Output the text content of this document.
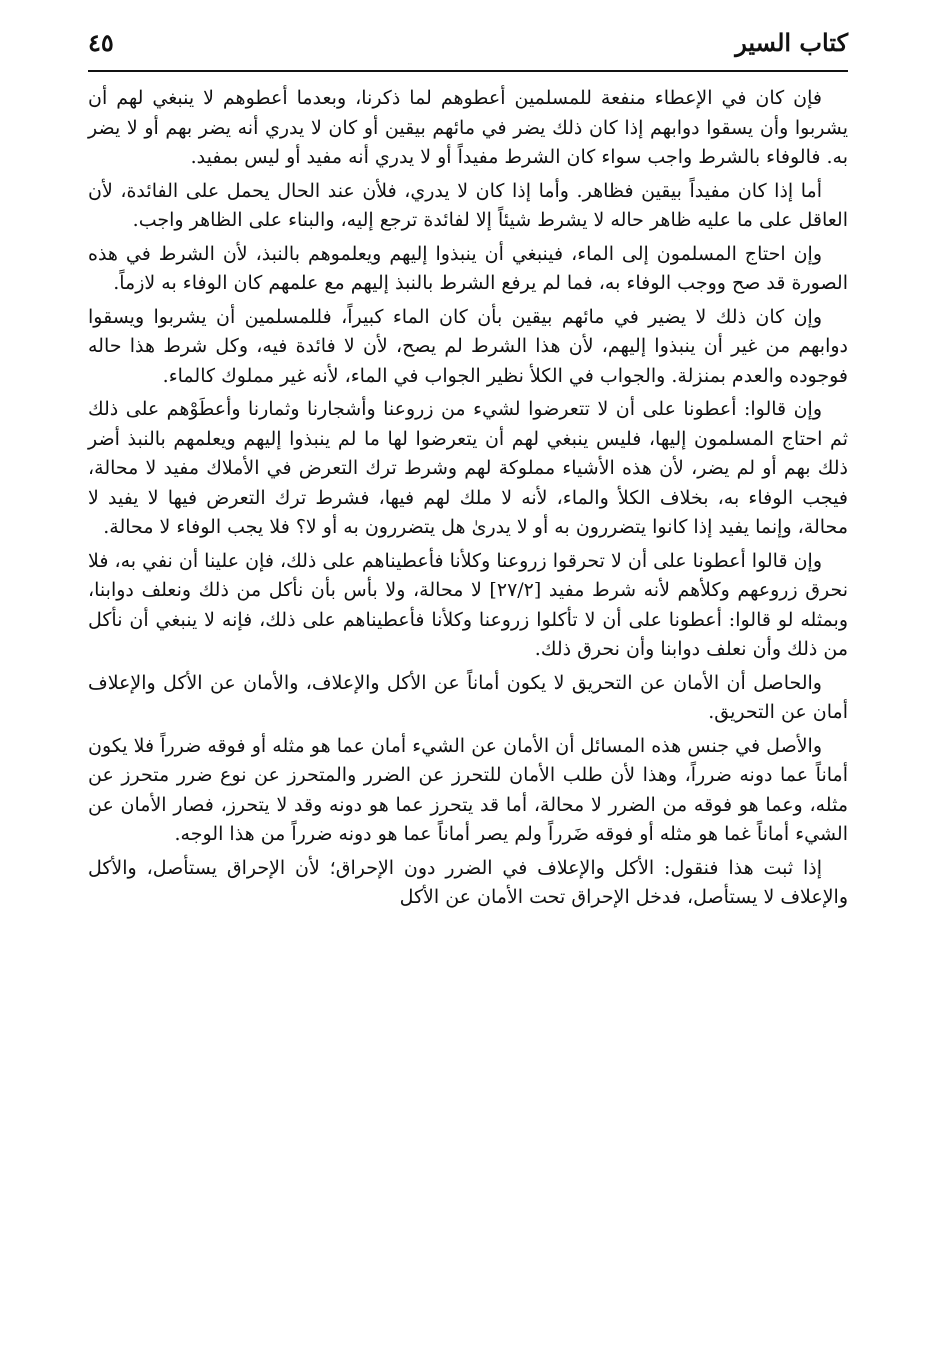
كتاب السير
٤٥

فإن كان في الإعطاء منفعة للمسلمين أعطوهم لما ذكرنا، وبعدما أعطوهم لا ينبغي لهم أن يشربوا وأن يسقوا دوابهم إذا كان ذلك يضر في مائهم بيقين أو كان لا يدري أنه يضر بهم أو لا يضر به. فالوفاء بالشرط واجب سواء كان الشرط مفيداً أو لا يدري أنه مفيد أو ليس بمفيد.

أما إذا كان مفيداً بيقين فظاهر. وأما إذا كان لا يدري، فلأن عند الحال يحمل على الفائدة، لأن العاقل على ما عليه ظاهر حاله لا يشرط شيئاً إلا لفائدة ترجع إليه، والبناء على الظاهر واجب.

وإن احتاج المسلمون إلى الماء، فينبغي أن ينبذوا إليهم ويعلموهم بالنبذ، لأن الشرط في هذه الصورة قد صح ووجب الوفاء به، فما لم يرفع الشرط بالنبذ إليهم مع علمهم كان الوفاء به لازماً.

وإن كان ذلك لا يضير في مائهم بيقين بأن كان الماء كبيراً، فللمسلمين أن يشربوا ويسقوا دوابهم من غير أن ينبذوا إليهم، لأن هذا الشرط لم يصح، لأن لا فائدة فيه، وكل شرط هذا حاله فوجوده والعدم بمنزلة. والجواب في الكلأ نظير الجواب في الماء، لأنه غير مملوك كالماء.

وإن قالوا: أعطونا على أن لا تتعرضوا لشيء من زروعنا وأشجارنا وثمارنا وأعطَوْهم على ذلك ثم احتاج المسلمون إليها، فليس ينبغي لهم أن يتعرضوا لها ما لم ينبذوا إليهم ويعلمهم بالنبذ أضر ذلك بهم أو لم يضر، لأن هذه الأشياء مملوكة لهم وشرط ترك التعرض في الأملاك مفيد لا محالة، فيجب الوفاء به، بخلاف الكلأ والماء، لأنه لا ملك لهم فيها، فشرط ترك التعرض فيها لا يفيد لا محالة، وإنما يفيد إذا كانوا يتضررون به أو لا يدرىٰ هل يتضررون به أو لا؟ فلا يجب الوفاء لا محالة.

وإن قالوا أعطونا على أن لا تحرقوا زروعنا وكلأنا فأعطيناهم على ذلك، فإن علينا أن نفي به، فلا نحرق زروعهم وكلأهم لأنه شرط مفيد [٢٧/٢] لا محالة، ولا بأس بأن نأكل من ذلك ونعلف دوابنا، وبمثله لو قالوا: أعطونا على أن لا تأكلوا زروعنا وكلأنا فأعطيناهم على ذلك، فإنه لا ينبغي أن نأكل من ذلك وأن نعلف دوابنا وأن نحرق ذلك.

والحاصل أن الأمان عن التحريق لا يكون أماناً عن الأكل والإعلاف، والأمان عن الأكل والإعلاف أمان عن التحريق.

والأصل في جنس هذه المسائل أن الأمان عن الشيء أمان عما هو مثله أو فوقه ضرراً فلا يكون أماناً عما دونه ضرراً، وهذا لأن طلب الأمان للتحرز عن الضرر والمتحرز عن نوع ضرر متحرز عن مثله، وعما هو فوقه من الضرر لا محالة، أما قد يتحرز عما هو دونه وقد لا يتحرز، فصار الأمان عن الشيء أماناً غما هو مثله أو فوقه ضَرراً ولم يصر أماناً عما هو دونه ضرراً من هذا الوجه.

إذا ثبت هذا فنقول: الأكل والإعلاف في الضرر دون الإحراق؛ لأن الإحراق يستأصل، والأكل والإعلاف لا يستأصل، فدخل الإحراق تحت الأمان عن الأكل
